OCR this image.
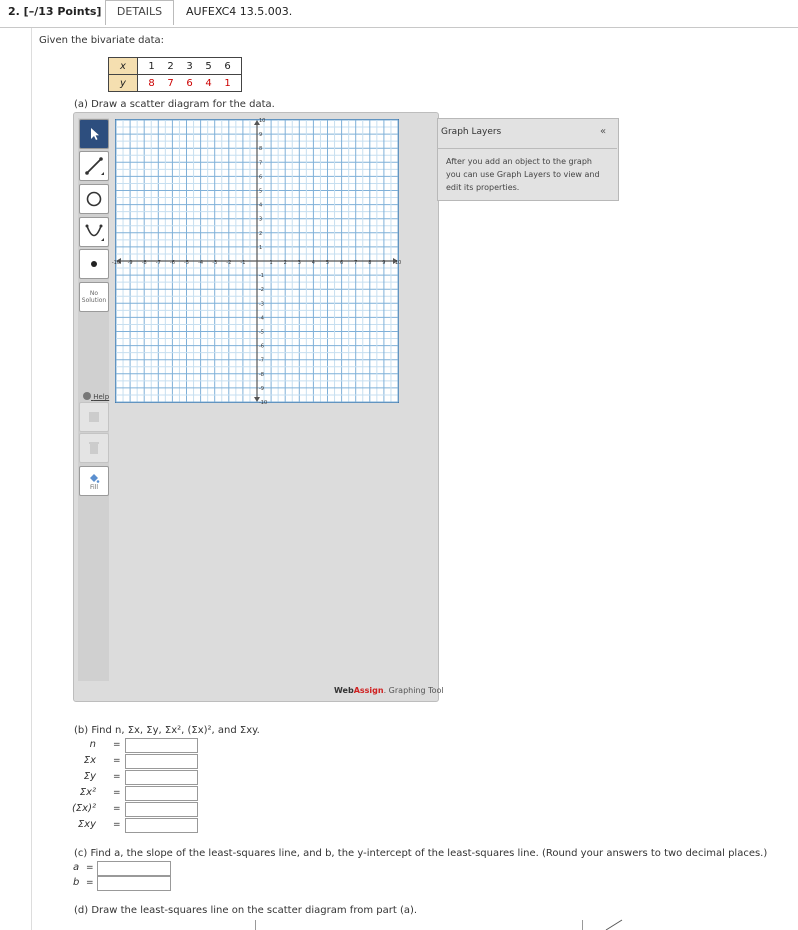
2. [–/13 Points]	DETAILS	AUFEXC4 13.5.003.
Given the bivariate data:
x	1 2 3 5 6
y	8 7 6 4 1
(a) Draw a scatter diagram for the data.
No
Solution
Help
Fill
-10 -9 -8 -7 -6 -5 -4 -3 -2 -1	1 2 3 4 5 6 7 8 9 10
10
9
8
7
6
5
4
3
2
1
-1
-2
-3
-4
-5
-6
-7
-8
-9
-10
WebAssign. Graphing Tool
Graph Layers	«
After you add an object to the graph you can use Graph Layers to view and edit its properties.
(b) Find n, Σx, Σy, Σx², (Σx)², and Σxy.
n =
Σx =
Σy =
Σx² =
(Σx)² =
Σxy =
(c) Find a, the slope of the least-squares line, and b, the y-intercept of the least-squares line. (Round your answers to two decimal places.)
a =
b =
(d) Draw the least-squares line on the scatter diagram from part (a).
